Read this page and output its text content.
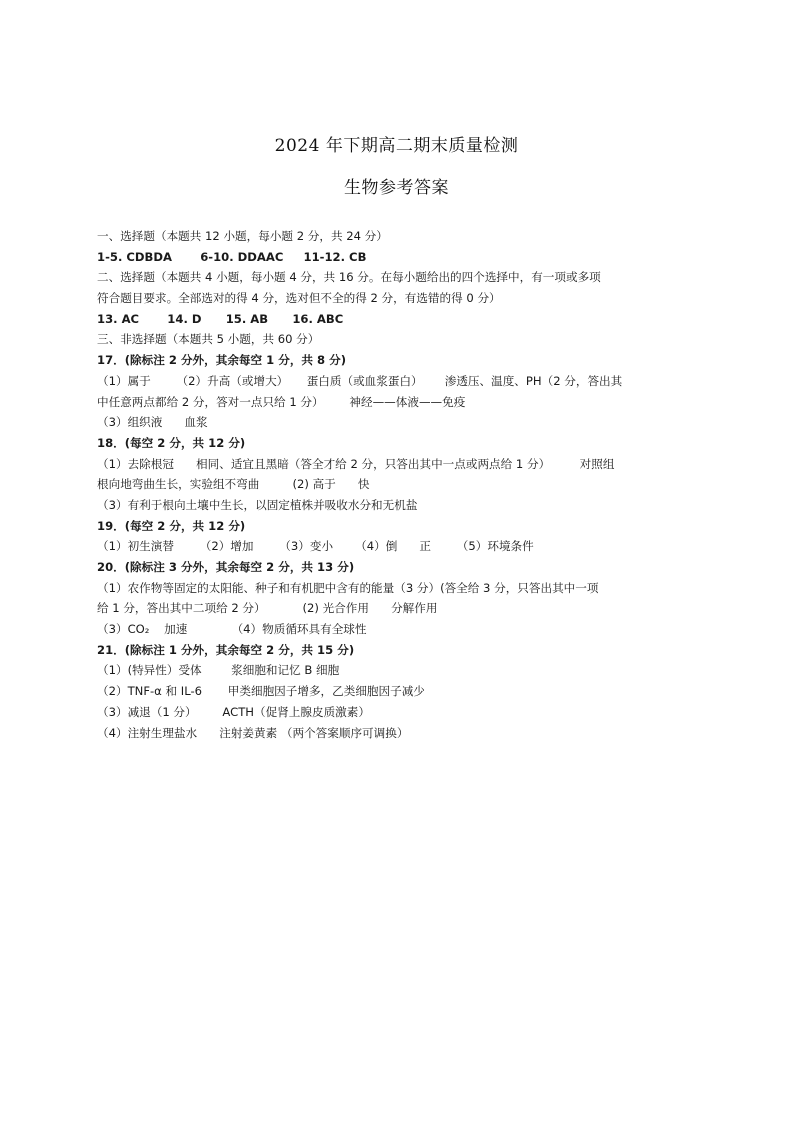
2024 年下期高二期末质量检测
生物参考答案
一、选择题（本题共 12 小题，每小题 2 分，共 24 分）
1-5. CDBDA       6-10. DDAAC     11-12. CB
二、选择题（本题共 4 小题，每小题 4 分，共 16 分。在每小题给出的四个选择中，有一项或多项
符合题目要求。全部选对的得 4 分，选对但不全的得 2 分，有选错的得 0 分）
13. AC       14. D      15. AB      16. ABC
三、非选择题（本题共 5 小题，共 60 分）
17．(除标注 2 分外，其余每空 1 分，共 8 分)
（1）属于       （2）升高（或增大）     蛋白质（或血浆蛋白）      渗透压、温度、PH（2 分，答出其
中任意两点都给 2 分，答对一点只给 1 分）       神经——体液——免疫
（3）组织液      血浆
18．(每空 2 分，共 12 分)
（1）去除根冠      相同、适宜且黑暗（答全才给 2 分，只答出其中一点或两点给 1 分）        对照组
根向地弯曲生长，实验组不弯曲         (2) 高于      快
（3）有利于根向土壤中生长，以固定植株并吸收水分和无机盐
19．(每空 2 分，共 12 分)
（1）初生演替       （2）增加       （3）变小      （4）倒      正       （5）环境条件
20．(除标注 3 分外，其余每空 2 分，共 13 分)
（1）农作物等固定的太阳能、种子和有机肥中含有的能量（3 分）(答全给 3 分，只答出其中一项
给 1 分，答出其中二项给 2 分）          (2) 光合作用      分解作用
（3）CO₂    加速            （4）物质循环具有全球性
21．(除标注 1 分外，其余每空 2 分，共 15 分)
（1）(特异性）受体        浆细胞和记忆 B 细胞
（2）TNF-α 和 IL-6       甲类细胞因子增多，乙类细胞因子减少
（3）减退（1 分）       ACTH（促肾上腺皮质激素）
（4）注射生理盐水      注射姜黄素 （两个答案顺序可调换）
